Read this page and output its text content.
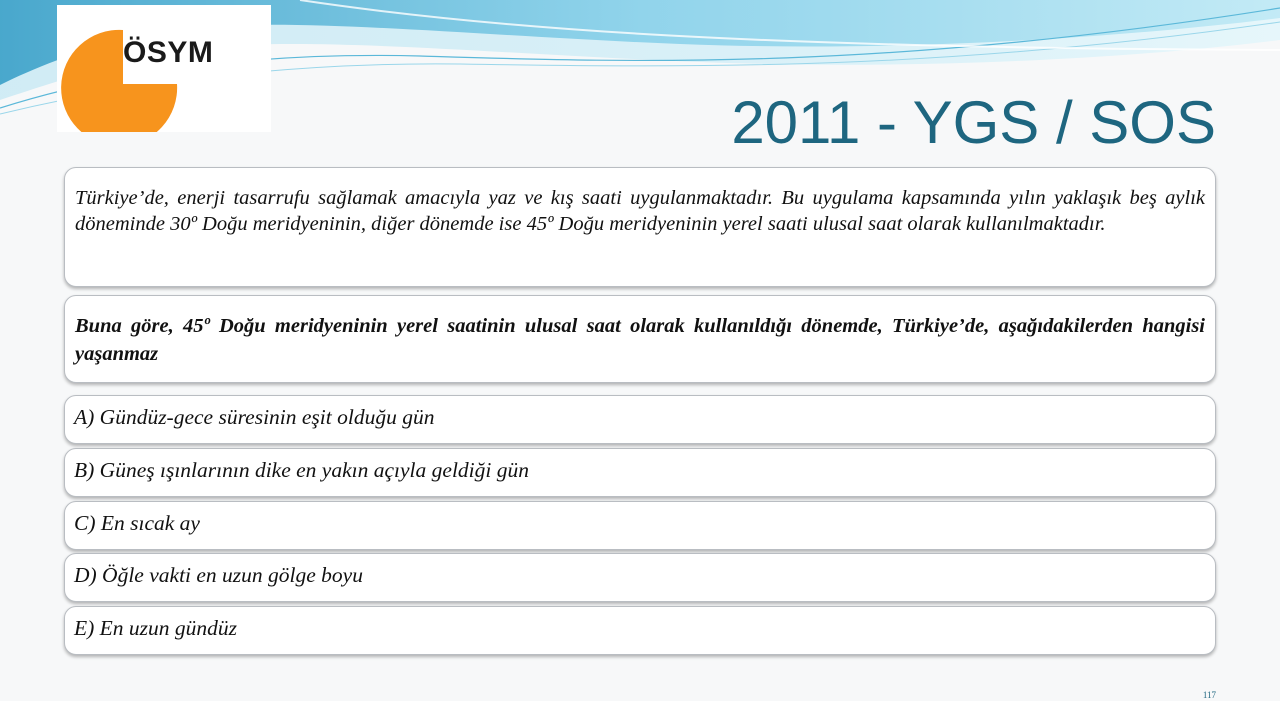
ÖSYM
2011 - YGS / SOS

Türkiye’de, enerji tasarrufu sağlamak amacıyla yaz ve kış saati uygulanmaktadır. Bu uygulama kapsamında yılın yaklaşık beş aylık döneminde 30º Doğu meridyeninin, diğer dönemde ise 45º Doğu meridyeninin yerel saati ulusal saat olarak kullanılmaktadır.

Buna göre, 45º Doğu meridyeninin yerel saatinin ulusal saat olarak kullanıldığı dönemde, Türkiye’de, aşağıdakilerden hangisi yaşanmaz

A) Gündüz-gece süresinin eşit olduğu gün
B) Güneş ışınlarının dike en yakın açıyla geldiği gün
C) En sıcak ay
D) Öğle vakti en uzun gölge boyu
E) En uzun gündüz
117
